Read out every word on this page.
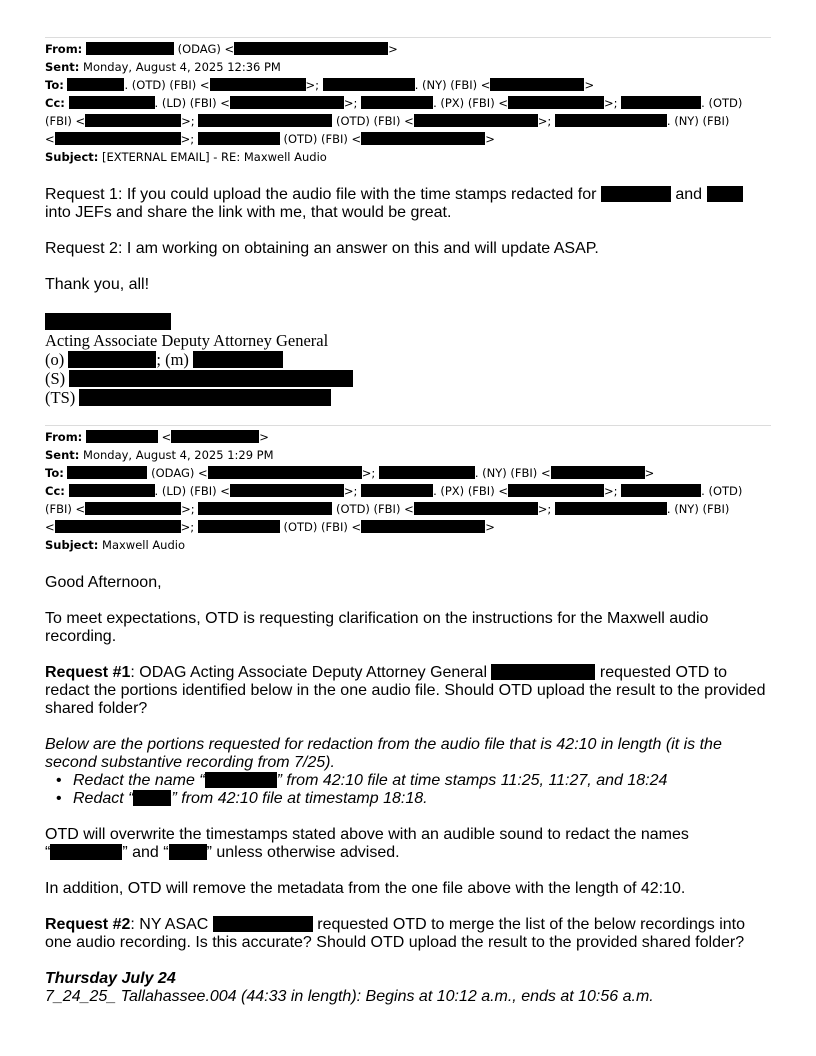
From:	(ODAG) <	>
Sent: Monday, August 4, 2025 12:36 PM
To:	. (OTD) (FBI) <	>;	. (NY) (FBI) <	>
Cc:	. (LD) (FBI) <	>;	. (PX) (FBI) <	>;	. (OTD)
(FBI) <	>;	(OTD) (FBI) <	>;	. (NY) (FBI)
<	>;	(OTD) (FBI) <	>
Subject: [EXTERNAL EMAIL] - RE: Maxwell Audio
Request 1: If you could upload the audio file with the time stamps redacted for	and
into JEFs and share the link with me, that would be great.
Request 2: I am working on obtaining an answer on this and will update ASAP.
Thank you, all!
Acting Associate Deputy Attorney General
(o)	; (m)
(S)
(TS)
From:	<	>
Sent: Monday, August 4, 2025 1:29 PM
To:	(ODAG) <	>;	. (NY) (FBI) <	>
Cc:	. (LD) (FBI) <	>;	. (PX) (FBI) <	>;	. (OTD)
(FBI) <	>;	(OTD) (FBI) <	>;	. (NY) (FBI)
<	>;	(OTD) (FBI) <	>
Subject: Maxwell Audio
Good Afternoon,
To meet expectations, OTD is requesting clarification on the instructions for the Maxwell audio
recording.
Request #1: ODAG Acting Associate Deputy Attorney General	requested OTD to
redact the portions identified below in the one audio file. Should OTD upload the result to the provided
shared folder?
Below are the portions requested for redaction from the audio file that is 42:10 in length (it is the
second substantive recording from 7/25).
• Redact the name “	” from 42:10 file at time stamps 11:25, 11:27, and 18:24
• Redact “ ” from 42:10 file at timestamp 18:18.
OTD will overwrite the timestamps stated above with an audible sound to redact the names
“	” and “ ” unless otherwise advised.
In addition, OTD will remove the metadata from the one file above with the length of 42:10.
Request #2: NY ASAC	requested OTD to merge the list of the below recordings into
one audio recording. Is this accurate? Should OTD upload the result to the provided shared folder?
Thursday July 24
7_24_25_ Tallahassee.004 (44:33 in length): Begins at 10:12 a.m., ends at 10:56 a.m.
